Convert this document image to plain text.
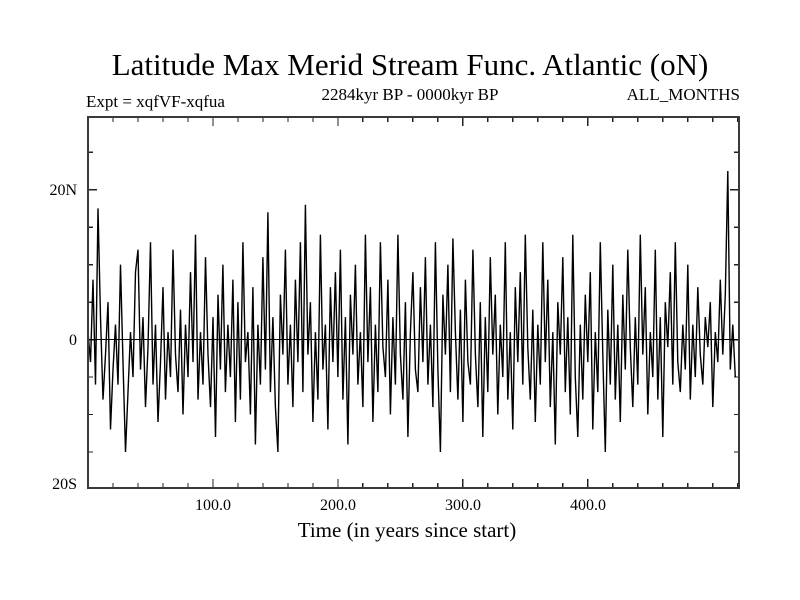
Latitude Max Merid Stream Func. Atlantic (oN)
Expt = xqfVF-xqfua	2284kyr BP - 0000kyr BP	ALL_MONTHS
20N
0
20S
100.0	200.0	300.0	400.0
Time (in years since start)
